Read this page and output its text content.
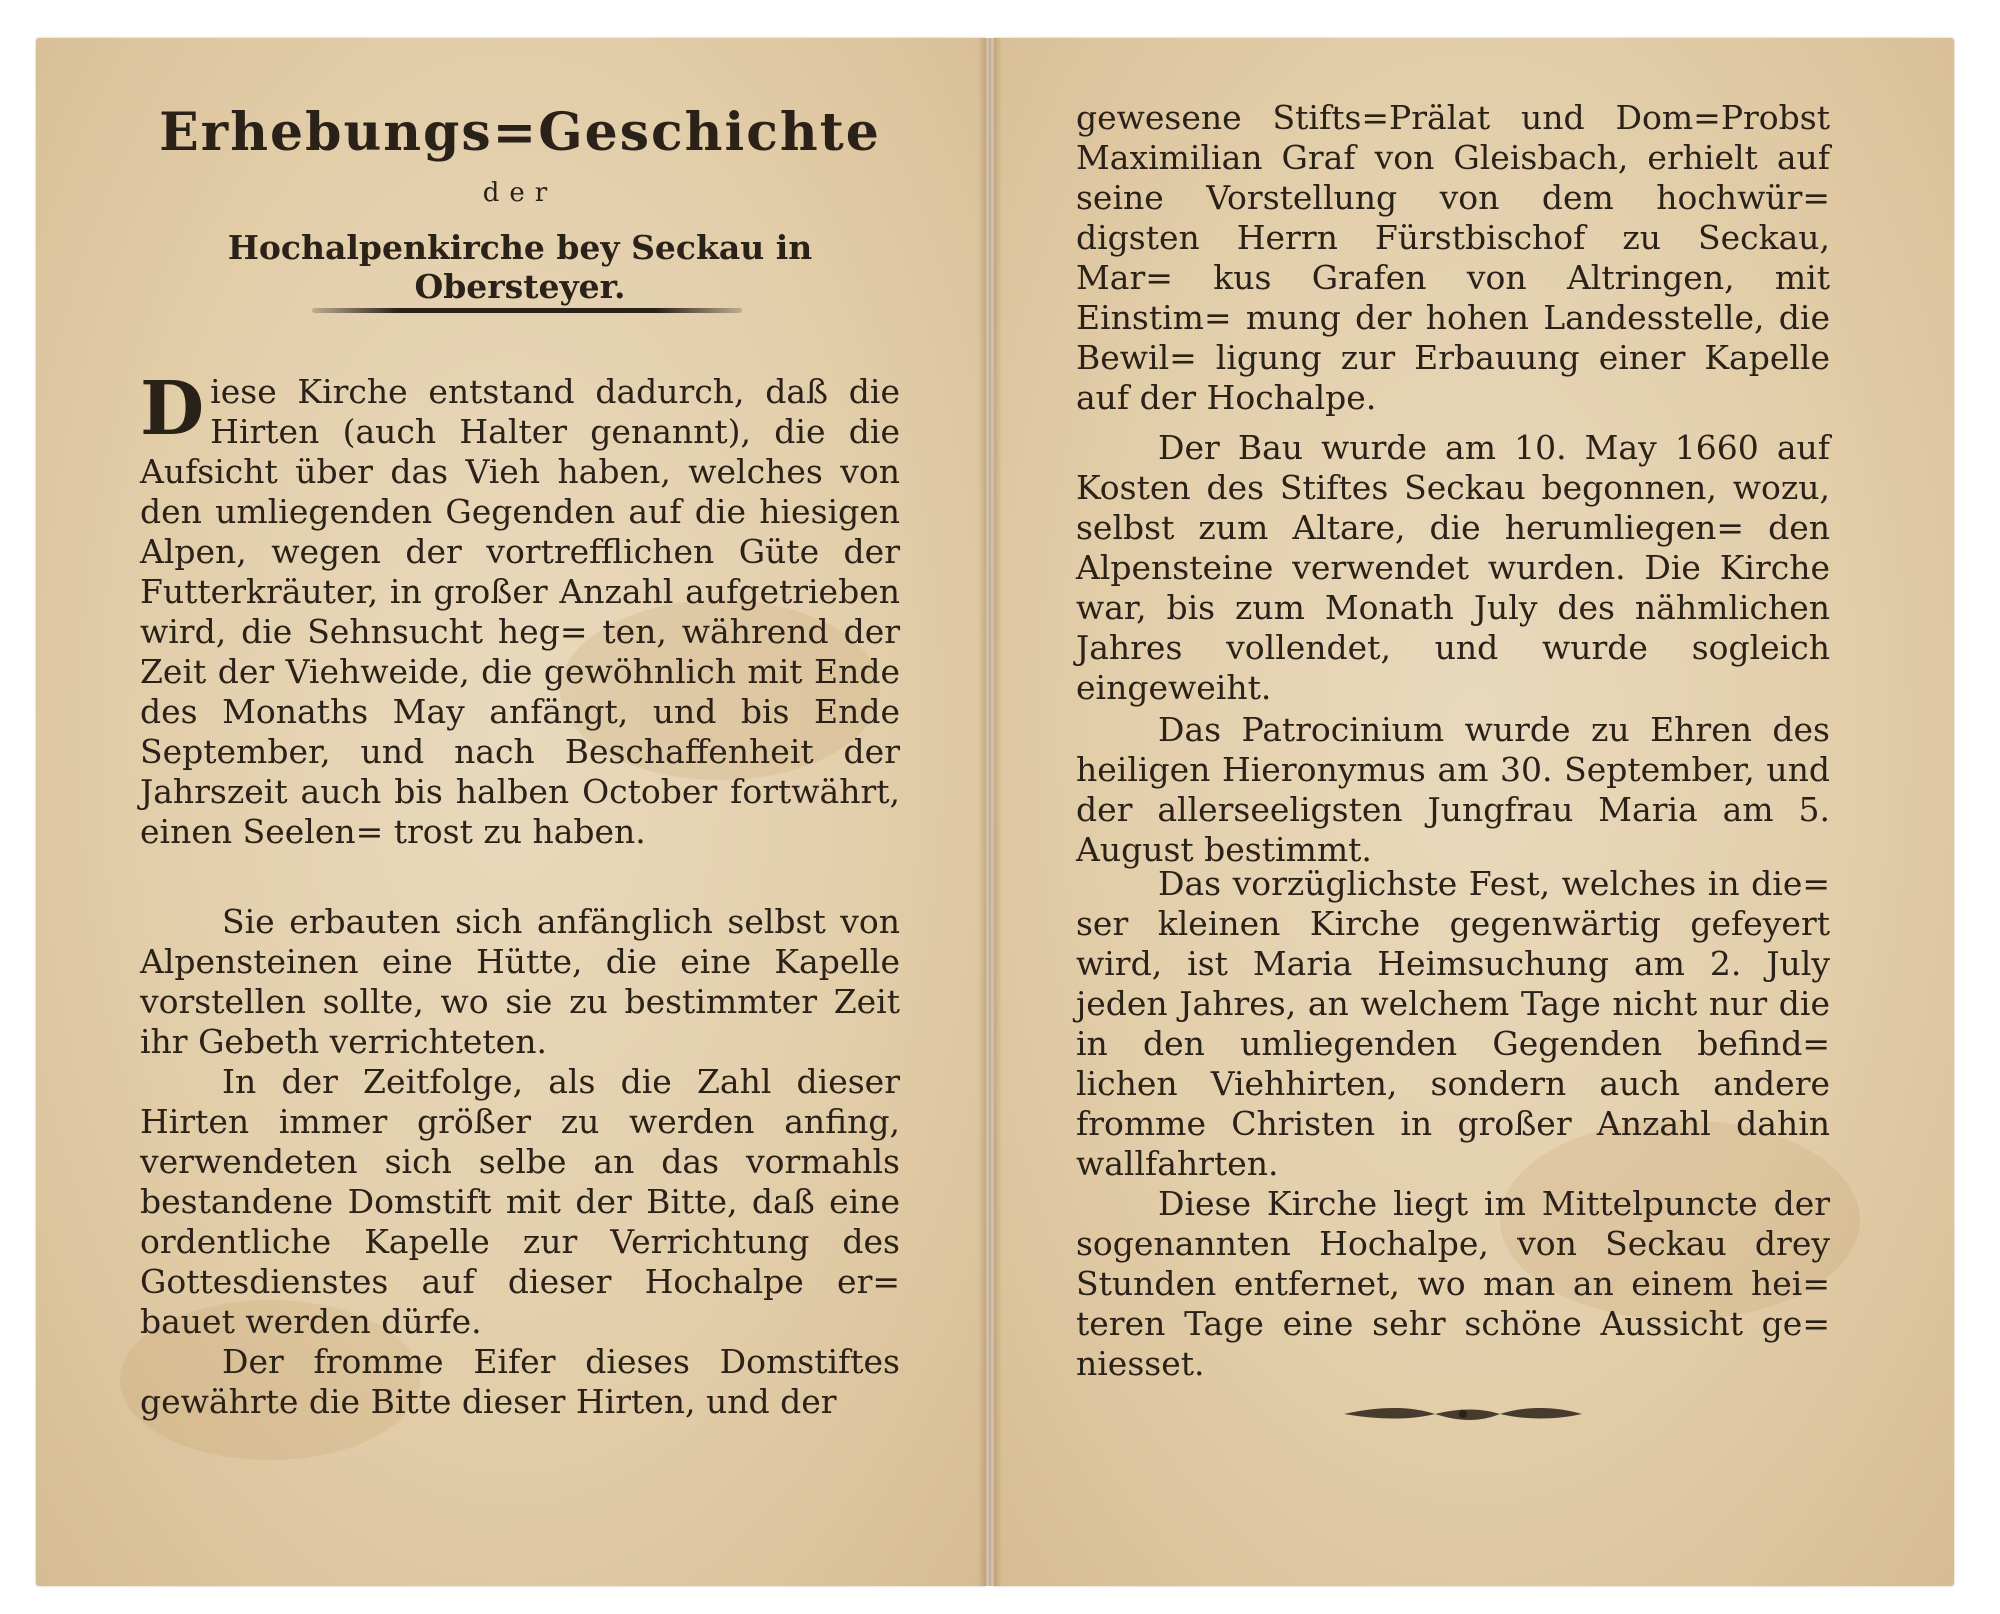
Erhebungs=Geschichte
der
Hochalpenkirche bey Seckau in Obersteyer.

Diese Kirche entstand dadurch, daß die Hirten (auch Halter genannt), die die Aufsicht über das Vieh haben, welches von den umliegenden Gegenden auf die hiesigen Alpen, wegen der vortrefflichen Güte der Futterkräuter, in großer Anzahl aufgetrieben wird, die Sehnsucht heg= ten, während der Zeit der Viehweide, die gewöhnlich mit Ende des Monaths May anfängt, und bis Ende September, und nach Beschaffenheit der Jahrszeit auch bis halben October fortwährt, einen Seelen= trost zu haben.

Sie erbauten sich anfänglich selbst von Alpensteinen eine Hütte, die eine Kapelle vorstellen sollte, wo sie zu bestimmter Zeit ihr Gebeth verrichteten.

In der Zeitfolge, als die Zahl dieser Hirten immer größer zu werden anfing, verwendeten sich selbe an das vormahls bestandene Domstift mit der Bitte, daß eine ordentliche Kapelle zur Verrichtung des Gottesdienstes auf dieser Hochalpe er= bauet werden dürfe.

Der fromme Eifer dieses Domstiftes gewährte die Bitte dieser Hirten, und der

gewesene Stifts=Prälat und Dom=Probst Maximilian Graf von Gleisbach, erhielt auf seine Vorstellung von dem hochwür= digsten Herrn Fürstbischof zu Seckau, Mar= kus Grafen von Altringen, mit Einstim= mung der hohen Landesstelle, die Bewil= ligung zur Erbauung einer Kapelle auf der Hochalpe.

Der Bau wurde am 10. May 1660 auf Kosten des Stiftes Seckau begonnen, wozu, selbst zum Altare, die herumliegen= den Alpensteine verwendet wurden. Die Kirche war, bis zum Monath July des nähmlichen Jahres vollendet, und wurde sogleich eingeweiht.

Das Patrocinium wurde zu Ehren des heiligen Hieronymus am 30. September, und der allerseeligsten Jungfrau Maria am 5. August bestimmt.

Das vorzüglichste Fest, welches in die= ser kleinen Kirche gegenwärtig gefeyert wird, ist Maria Heimsuchung am 2. July jeden Jahres, an welchem Tage nicht nur die in den umliegenden Gegenden befind= lichen Viehhirten, sondern auch andere fromme Christen in großer Anzahl dahin wallfahrten.

Diese Kirche liegt im Mittelpuncte der sogenannten Hochalpe, von Seckau drey Stunden entfernet, wo man an einem hei= teren Tage eine sehr schöne Aussicht ge= niesset.
